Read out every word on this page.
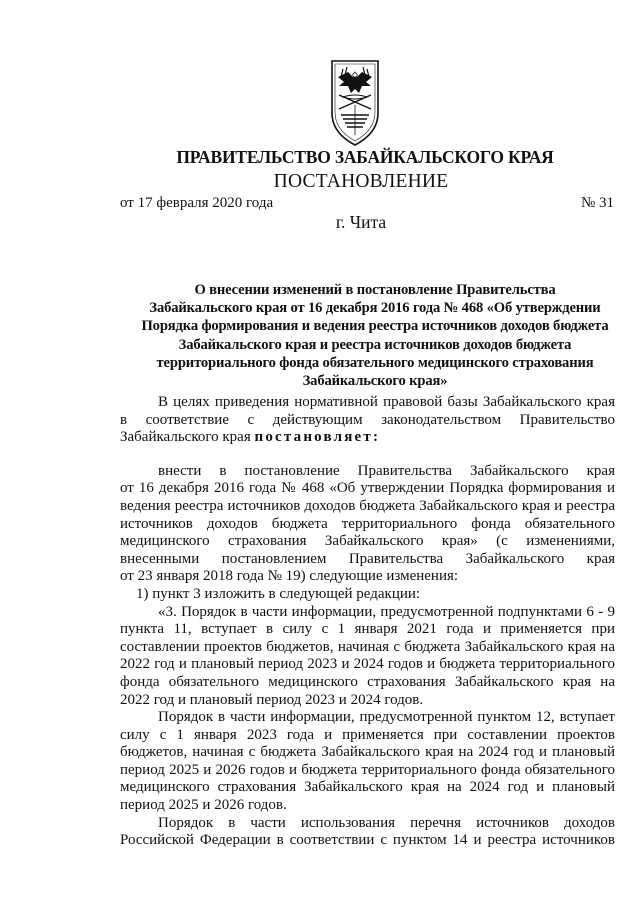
ПРАВИТЕЛЬСТВО ЗАБАЙКАЛЬСКОГО КРАЯ
ПОСТАНОВЛЕНИЕ
от 17 февраля 2020 года	№ 31
г. Чита
О внесении изменений в постановление Правительства
Забайкальского края от 16 декабря 2016 года № 468 «Об утверждении
Порядка формирования и ведения реестра источников доходов бюджета
Забайкальского края и реестра источников доходов бюджета
территориального фонда обязательного медицинского страхования
Забайкальского края»
В целях приведения нормативной правовой базы Забайкальского края
в соответствие с действующим законодательством Правительство
Забайкальского края постановляет:
внести в постановление Правительства Забайкальского края
от 16 декабря 2016 года № 468 «Об утверждении Порядка формирования и
ведения реестра источников доходов бюджета Забайкальского края и реестра
источников доходов бюджета территориального фонда обязательного
медицинского страхования Забайкальского края» (с изменениями,
внесенными постановлением Правительства Забайкальского края
от 23 января 2018 года № 19) следующие изменения:
1) пункт 3 изложить в следующей редакции:
«3. Порядок в части информации, предусмотренной подпунктами 6 - 9
пункта 11, вступает в силу с 1 января 2021 года и применяется при
составлении проектов бюджетов, начиная с бюджета Забайкальского края на
2022 год и плановый период 2023 и 2024 годов и бюджета территориального
фонда обязательного медицинского страхования Забайкальского края на
2022 год и плановый период 2023 и 2024 годов.
Порядок в части информации, предусмотренной пунктом 12, вступает
силу с 1 января 2023 года и применяется при составлении проектов
бюджетов, начиная с бюджета Забайкальского края на 2024 год и плановый
период 2025 и 2026 годов и бюджета территориального фонда обязательного
медицинского страхования Забайкальского края на 2024 год и плановый
период 2025 и 2026 годов.
Порядок в части использования перечня источников доходов
Российской Федерации в соответствии с пунктом 14 и реестра источников
